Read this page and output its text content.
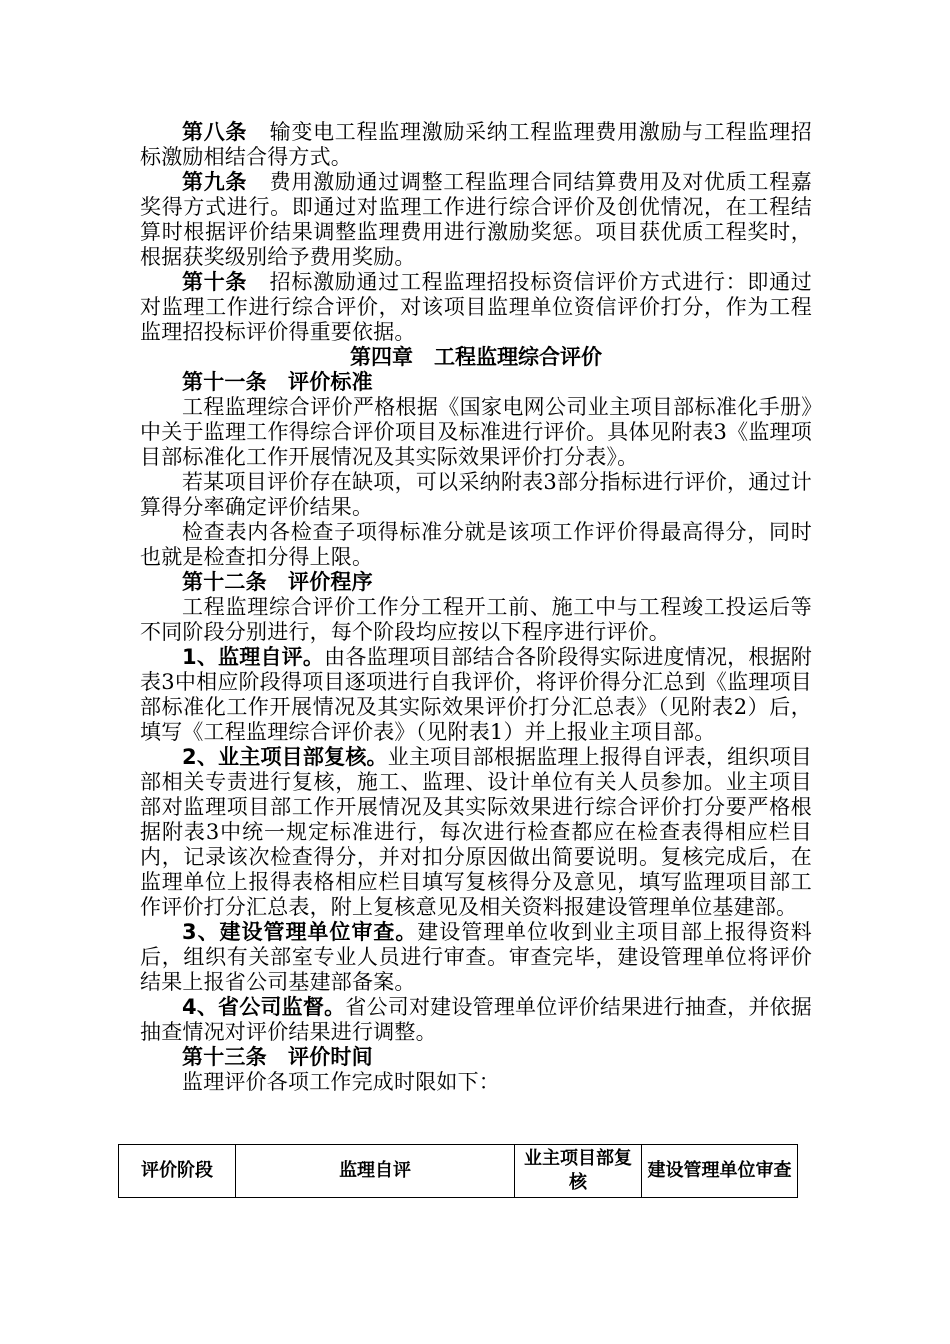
第八条 输变电工程监理激励采纳工程监理费用激励与工程监理招标激励相结合得方式。

第九条 费用激励通过调整工程监理合同结算费用及对优质工程嘉奖得方式进行。即通过对监理工作进行综合评价及创优情况，在工程结算时根据评价结果调整监理费用进行激励奖惩。项目获优质工程奖时，根据获奖级别给予费用奖励。

第十条 招标激励通过工程监理招投标资信评价方式进行：即通过对监理工作进行综合评价，对该项目监理单位资信评价打分，作为工程监理招投标评价得重要依据。

第四章　工程监理综合评价

第十一条　评价标准

工程监理综合评价严格根据《国家电网公司业主项目部标准化手册》中关于监理工作得综合评价项目及标准进行评价。具体见附表3《监理项目部标准化工作开展情况及其实际效果评价打分表》。

若某项目评价存在缺项，可以采纳附表3部分指标进行评价，通过计算得分率确定评价结果。

检查表内各检查子项得标准分就是该项工作评价得最高得分，同时也就是检查扣分得上限。

第十二条　评价程序

工程监理综合评价工作分工程开工前、施工中与工程竣工投运后等不同阶段分别进行，每个阶段均应按以下程序进行评价。

1、监理自评。由各监理项目部结合各阶段得实际进度情况，根据附表3中相应阶段得项目逐项进行自我评价，将评价得分汇总到《监理项目部标准化工作开展情况及其实际效果评价打分汇总表》（见附表2）后，填写《工程监理综合评价表》（见附表1）并上报业主项目部。

2、业主项目部复核。业主项目部根据监理上报得自评表，组织项目部相关专责进行复核，施工、监理、设计单位有关人员参加。业主项目部对监理项目部工作开展情况及其实际效果进行综合评价打分要严格根据附表3中统一规定标准进行，每次进行检查都应在检查表得相应栏目内，记录该次检查得分，并对扣分原因做出简要说明。复核完成后，在监理单位上报得表格相应栏目填写复核得分及意见，填写监理项目部工作评价打分汇总表，附上复核意见及相关资料报建设管理单位基建部。

3、建设管理单位审查。建设管理单位收到业主项目部上报得资料后，组织有关部室专业人员进行审查。审查完毕，建设管理单位将评价结果上报省公司基建部备案。

4、省公司监督。省公司对建设管理单位评价结果进行抽查，并依据抽查情况对评价结果进行调整。

第十三条　评价时间

监理评价各项工作完成时限如下：

评价阶段	监理自评	业主项目部复核	建设管理单位审查
